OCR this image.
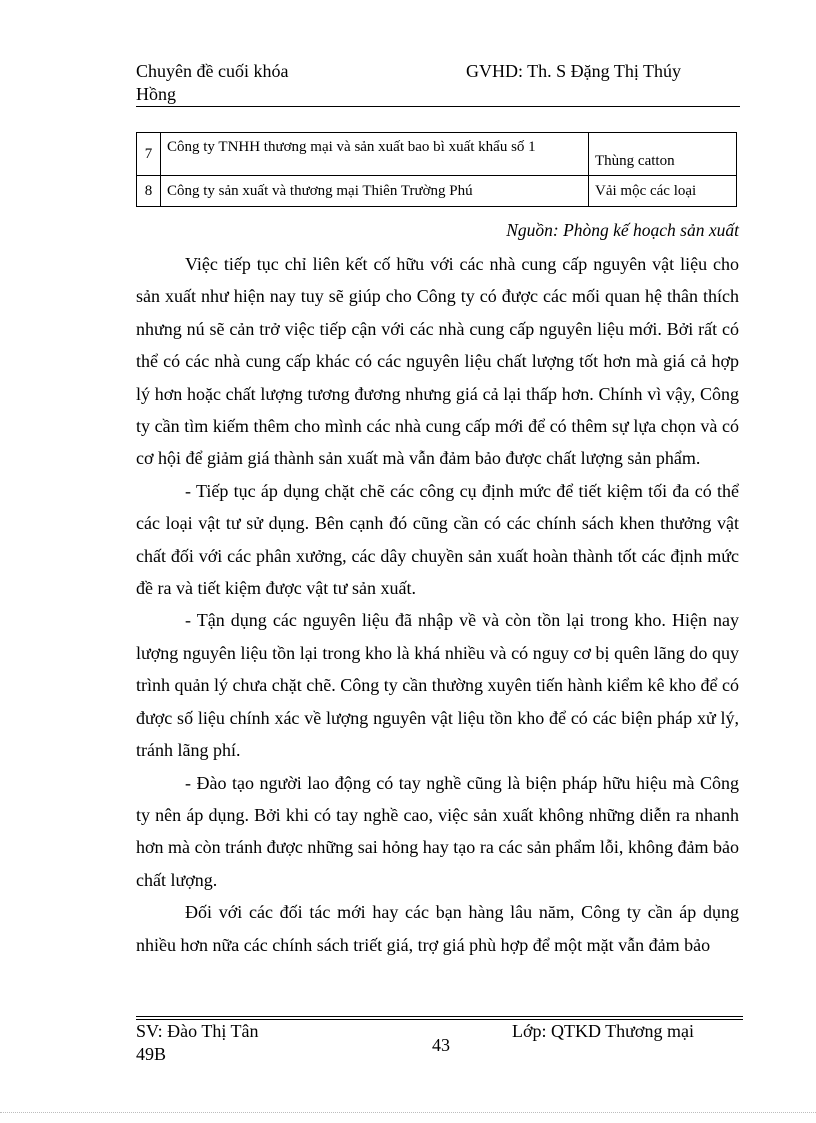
Chuyên đề cuối khóa
Hồng
GVHD: Th. S Đặng Thị Thúy
7	Công ty TNHH thương mại và sản xuất bao bì xuất khẩu số 1	Thùng catton
8	Công ty sản xuất và thương mại Thiên Trường Phú	Vải mộc các loại
Nguồn: Phòng kế hoạch sản xuất

Việc tiếp tục chỉ liên kết cố hữu với các nhà cung cấp nguyên vật liệu cho sản xuất như hiện nay tuy sẽ giúp cho Công ty có được các mối quan hệ thân thích nhưng nú sẽ cản trở việc tiếp cận với các nhà cung cấp nguyên liệu mới. Bởi rất có thể có các nhà cung cấp khác có các nguyên liệu chất lượng tốt hơn mà giá cả hợp lý hơn hoặc chất lượng tương đương nhưng giá cả lại thấp hơn. Chính vì vậy, Công ty cần tìm kiếm thêm cho mình các nhà cung cấp mới để có thêm sự lựa chọn và có cơ hội để giảm giá thành sản xuất mà vẫn đảm bảo được chất lượng sản phẩm.

- Tiếp tục áp dụng chặt chẽ các công cụ định mức để tiết kiệm tối đa có thể các loại vật tư sử dụng. Bên cạnh đó cũng cần có các chính sách khen thưởng vật chất đối với các phân xưởng, các dây chuyền sản xuất hoàn thành tốt các định mức đề ra và tiết kiệm được vật tư sản xuất.

- Tận dụng các nguyên liệu đã nhập về và còn tồn lại trong kho. Hiện nay lượng nguyên liệu tồn lại trong kho là khá nhiều và có nguy cơ bị quên lãng do quy trình quản lý chưa chặt chẽ. Công ty cần thường xuyên tiến hành kiểm kê kho để có được số liệu chính xác về lượng nguyên vật liệu tồn kho để có các biện pháp xử lý, tránh lãng phí.

- Đào tạo người lao động có tay nghề cũng là biện pháp hữu hiệu mà Công ty nên áp dụng. Bởi khi có tay nghề cao, việc sản xuất không những diễn ra nhanh hơn mà còn tránh được những sai hỏng hay tạo ra các sản phẩm lỗi, không đảm bảo chất lượng.

Đối với các đối tác mới hay các bạn hàng lâu năm, Công ty cần áp dụng nhiều hơn nữa các chính sách triết giá, trợ giá phù hợp để một mặt vẫn đảm bảo

SV: Đào Thị Tân
49B	43
Lớp: QTKD Thương mại
